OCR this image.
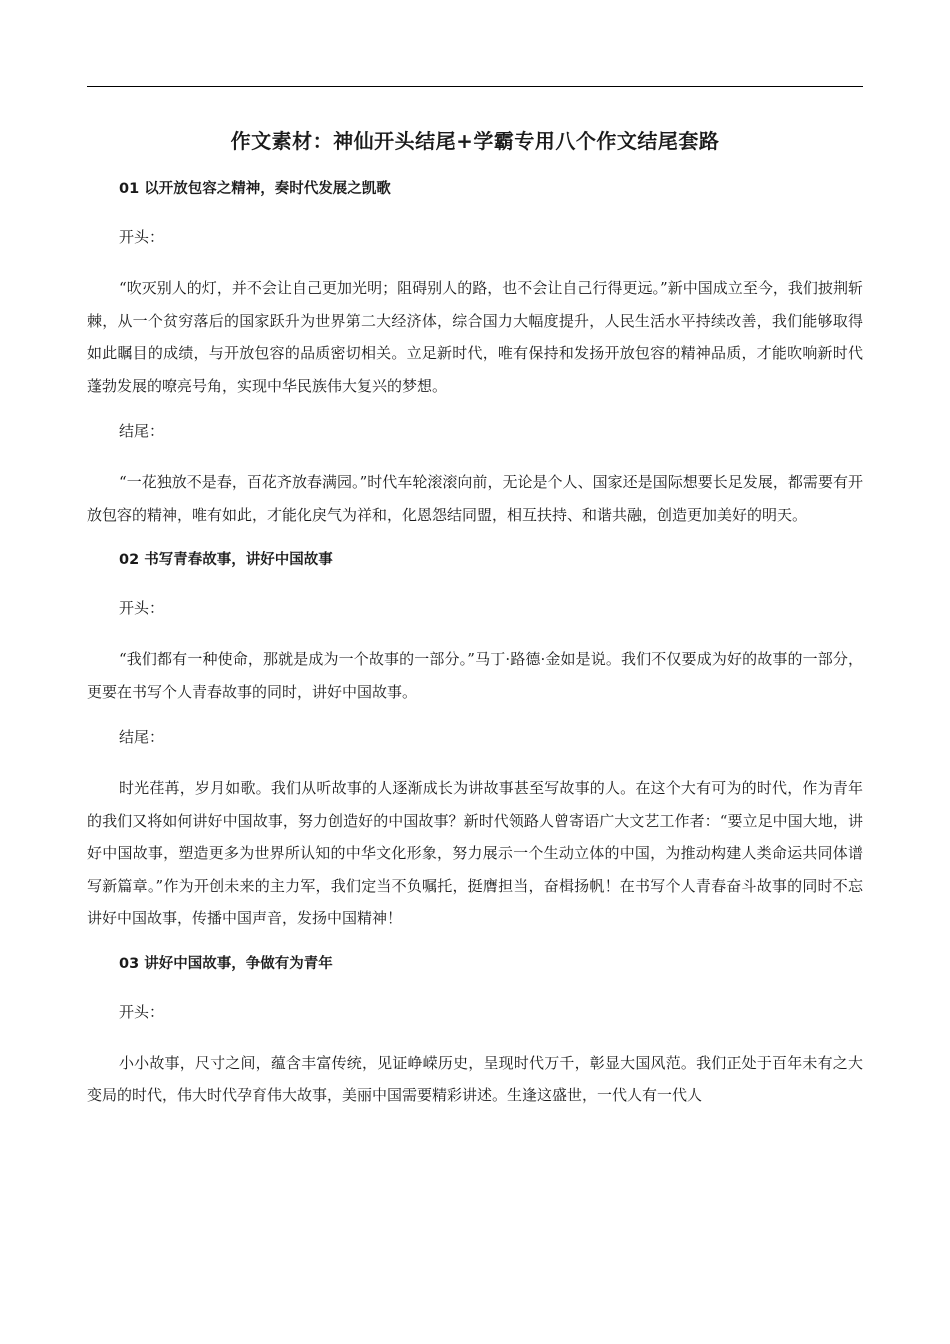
作文素材：神仙开头结尾+学霸专用八个作文结尾套路
01 以开放包容之精神，奏时代发展之凯歌
开头：

“吹灭别人的灯，并不会让自己更加光明；阻碍别人的路，也不会让自己行得更远。”新中国成立至今，我们披荆斩棘，从一个贫穷落后的国家跃升为世界第二大经济体，综合国力大幅度提升，人民生活水平持续改善，我们能够取得如此瞩目的成绩，与开放包容的品质密切相关。立足新时代，唯有保持和发扬开放包容的精神品质，才能吹响新时代蓬勃发展的嘹亮号角，实现中华民族伟大复兴的梦想。

结尾：

“一花独放不是春，百花齐放春满园。”时代车轮滚滚向前，无论是个人、国家还是国际想要长足发展，都需要有开放包容的精神，唯有如此，才能化戾气为祥和，化恩怨结同盟，相互扶持、和谐共融，创造更加美好的明天。

02 书写青春故事，讲好中国故事
开头：

“我们都有一种使命，那就是成为一个故事的一部分。”马丁·路德·金如是说。我们不仅要成为好的故事的一部分，更要在书写个人青春故事的同时，讲好中国故事。

结尾：

时光荏苒，岁月如歌。我们从听故事的人逐渐成长为讲故事甚至写故事的人。在这个大有可为的时代，作为青年的我们又将如何讲好中国故事，努力创造好的中国故事？新时代领路人曾寄语广大文艺工作者：“要立足中国大地，讲好中国故事，塑造更多为世界所认知的中华文化形象，努力展示一个生动立体的中国，为推动构建人类命运共同体谱写新篇章。”作为开创未来的主力军，我们定当不负嘱托，挺膺担当，奋楫扬帆！在书写个人青春奋斗故事的同时不忘讲好中国故事，传播中国声音，发扬中国精神！

03 讲好中国故事，争做有为青年
开头：

小小故事，尺寸之间，蕴含丰富传统，见证峥嵘历史，呈现时代万千，彰显大国风范。我们正处于百年未有之大变局的时代，伟大时代孕育伟大故事，美丽中国需要精彩讲述。生逢这盛世，一代人有一代人
